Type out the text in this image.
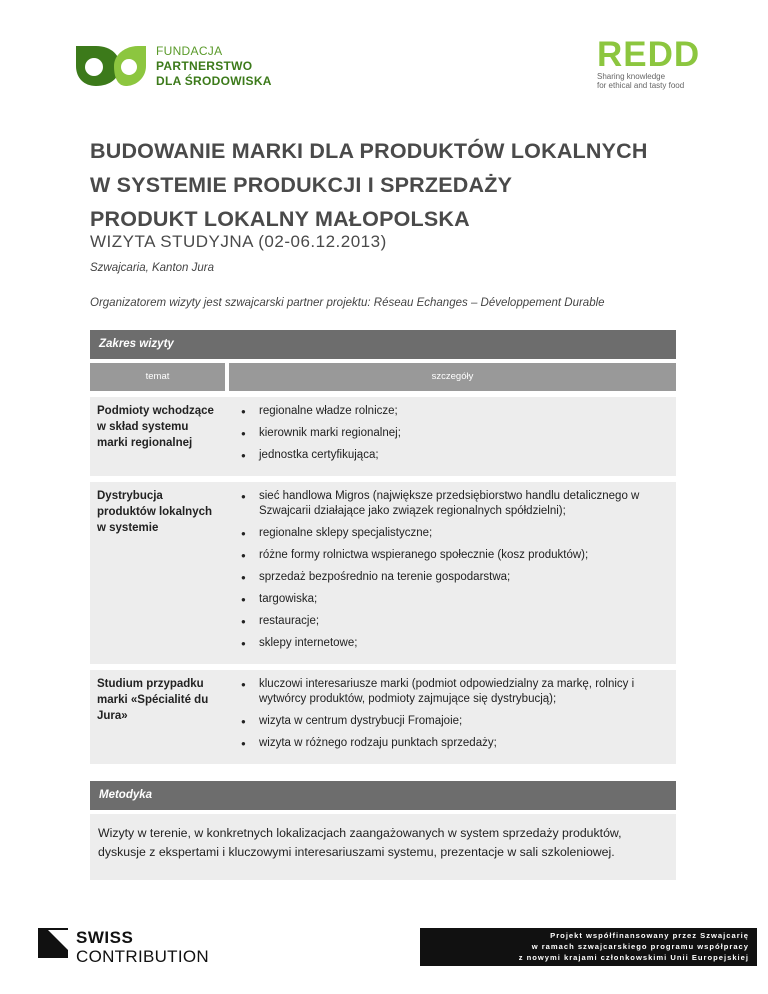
FUNDACJA
PARTNERSTWO
DLA ŚRODOWISKA
REDD
Sharing knowledge
for ethical and tasty food
BUDOWANIE MARKI DLA PRODUKTÓW LOKALNYCH
W SYSTEMIE PRODUKCJI I SPRZEDAŻY
PRODUKT LOKALNY MAŁOPOLSKA
WIZYTA STUDYJNA (02-06.12.2013)
Szwajcaria, Kanton Jura
Organizatorem wizyty jest szwajcarski partner projektu: Réseau Echanges – Développement Durable
Zakres wizyty
temat	szczegóły
Podmioty wchodzące w skład systemu marki regionalnej
●	regionalne władze rolnicze;
●	kierownik marki regionalnej;
●	jednostka certyfikująca;
Dystrybucja produktów lokalnych w systemie
●	sieć handlowa Migros (największe przedsiębiorstwo handlu detalicznego w Szwajcarii działające jako związek regionalnych spółdzielni);
●	regionalne sklepy specjalistyczne;
●	różne formy rolnictwa wspieranego społecznie (kosz produktów);
●	sprzedaż bezpośrednio na terenie gospodarstwa;
●	targowiska;
●	restauracje;
●	sklepy internetowe;
Studium przypadku marki «Spécialité du Jura»
●	kluczowi interesariusze marki (podmiot odpowiedzialny za markę, rolnicy i wytwórcy produktów, podmioty zajmujące się dystrybucją);
●	wizyta w centrum dystrybucji Fromajoie;
●	wizyta w różnego rodzaju punktach sprzedaży;
Metodyka
Wizyty w terenie, w konkretnych lokalizacjach zaangażowanych w system sprzedaży produktów, dyskusje z ekspertami i kluczowymi interesariuszami systemu, prezentacje w sali szkoleniowej.
SWISS
CONTRIBUTION
Projekt współfinansowany przez Szwajcarię
w ramach szwajcarskiego programu współpracy
z nowymi krajami członkowskimi Unii Europejskiej
